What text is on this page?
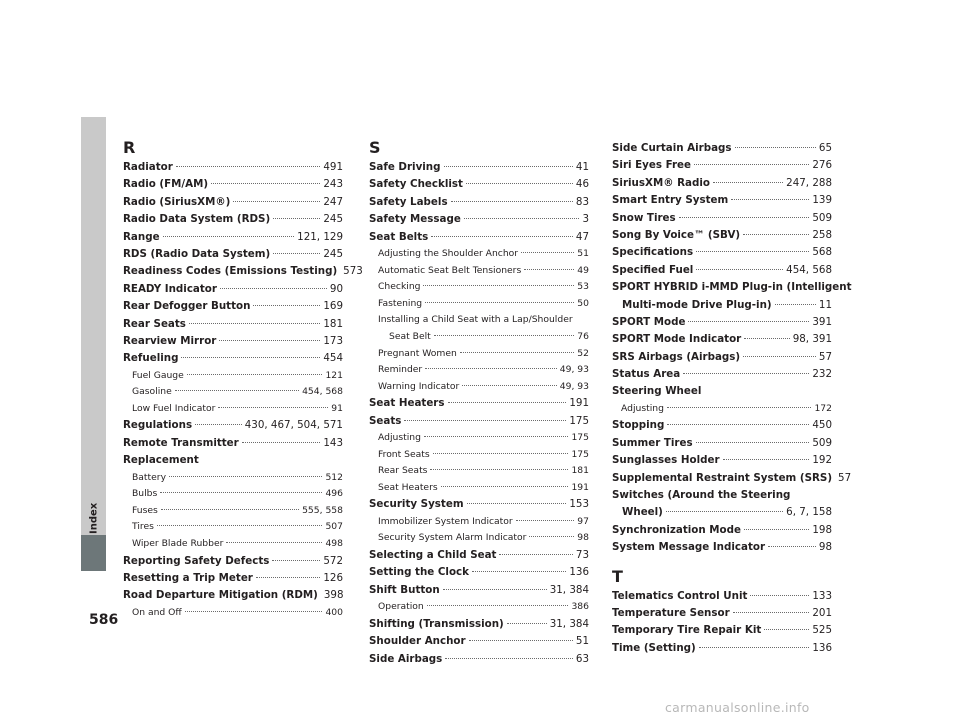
Index
586
R
Radiator	491
Radio (FM/AM)	243
Radio (SiriusXM®)	247
Radio Data System (RDS)	245
Range	121, 129
RDS (Radio Data System)	245
Readiness Codes (Emissions Testing) 573
READY Indicator	90
Rear Defogger Button	169
Rear Seats	181
Rearview Mirror	173
Refueling	454
Fuel Gauge	121
Gasoline	454, 568
Low Fuel Indicator	91
Regulations	430, 467, 504, 571
Remote Transmitter	143
Replacement
Battery	512
Bulbs	496
Fuses	555, 558
Tires	507
Wiper Blade Rubber	498
Reporting Safety Defects	572
Resetting a Trip Meter	126
Road Departure Mitigation (RDM) 398
On and Off	400
S
Safe Driving	41
Safety Checklist	46
Safety Labels	83
Safety Message	3
Seat Belts	47
Adjusting the Shoulder Anchor	51
Automatic Seat Belt Tensioners	49
Checking	53
Fastening	50
Installing a Child Seat with a Lap/Shoulder
Seat Belt	76
Pregnant Women	52
Reminder	49, 93
Warning Indicator	49, 93
Seat Heaters	191
Seats	175
Adjusting	175
Front Seats	175
Rear Seats	181
Seat Heaters	191
Security System	153
Immobilizer System Indicator	97
Security System Alarm Indicator	98
Selecting a Child Seat	73
Setting the Clock	136
Shift Button	31, 384
Operation	386
Shifting (Transmission)	31, 384
Shoulder Anchor	51
Side Airbags	63
Side Curtain Airbags	65
Siri Eyes Free	276
SiriusXM® Radio	247, 288
Smart Entry System	139
Snow Tires	509
Song By Voice™ (SBV)	258
Specifications	568
Specified Fuel	454, 568
SPORT HYBRID i-MMD Plug-in (Intelligent
Multi-mode Drive Plug-in)	11
SPORT Mode	391
SPORT Mode Indicator	98, 391
SRS Airbags (Airbags)	57
Status Area	232
Steering Wheel
Adjusting	172
Stopping	450
Summer Tires	509
Sunglasses Holder	192
Supplemental Restraint System (SRS) 57
Switches (Around the Steering
Wheel)	6, 7, 158
Synchronization Mode	198
System Message Indicator	98
T
Telematics Control Unit	133
Temperature Sensor	201
Temporary Tire Repair Kit	525
Time (Setting)	136
carmanualsonline.info
